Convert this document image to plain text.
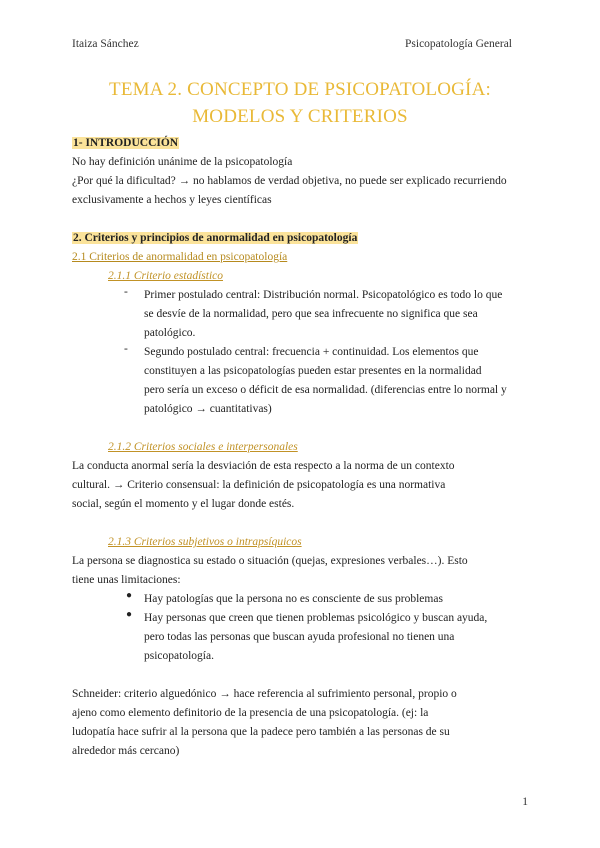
Itaiza Sánchez	Psicopatología General
TEMA 2. CONCEPTO DE PSICOPATOLOGÍA:
MODELOS Y CRITERIOS
1- INTRODUCCIÓN
No hay definición unánime de la psicopatología
¿Por qué la dificultad? → no hablamos de verdad objetiva, no puede ser explicado recurriendo
exclusivamente a hechos y leyes científicas
2. Criterios y principios de anormalidad en psicopatología
2.1 Criterios de anormalidad en psicopatología
2.1.1 Criterio estadístico
- Primer postulado central: Distribución normal. Psicopatológico es todo lo que
se desvíe de la normalidad, pero que sea infrecuente no significa que sea
patológico.
- Segundo postulado central: frecuencia + continuidad. Los elementos que
constituyen a las psicopatologías pueden estar presentes en la normalidad
pero sería un exceso o déficit de esa normalidad. (diferencias entre lo normal y
patológico → cuantitativas)
2.1.2 Criterios sociales e interpersonales
La conducta anormal sería la desviación de esta respecto a la norma de un contexto
cultural. → Criterio consensual: la definición de psicopatología es una normativa
social, según el momento y el lugar donde estés.
2.1.3 Criterios subjetivos o intrapsíquicos
La persona se diagnostica su estado o situación (quejas, expresiones verbales…). Esto
tiene unas limitaciones:
● Hay patologías que la persona no es consciente de sus problemas
● Hay personas que creen que tienen problemas psicológico y buscan ayuda,
pero todas las personas que buscan ayuda profesional no tienen una
psicopatología.
Schneider: criterio alguedónico → hace referencia al sufrimiento personal, propio o
ajeno como elemento definitorio de la presencia de una psicopatología. (ej: la
ludopatía hace sufrir al la persona que la padece pero también a las personas de su
alrededor más cercano)
1
